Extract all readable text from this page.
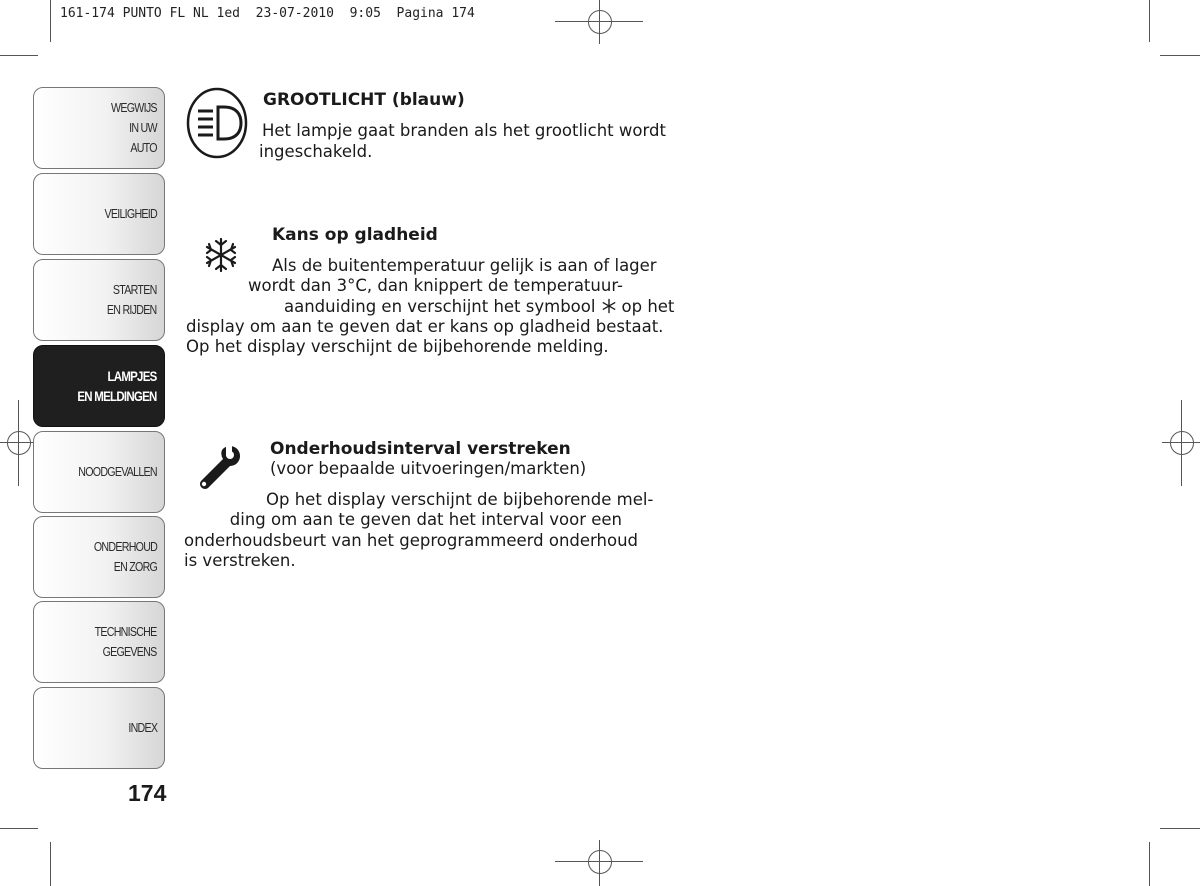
161-174 PUNTO FL NL 1ed  23-07-2010  9:05  Pagina 174
WEGWIJS
IN UW
AUTO
VEILIGHEID
STARTEN
EN RIJDEN
LAMPJES
EN MELDINGEN
NOODGEVALLEN
ONDERHOUD
EN ZORG
TECHNISCHE
GEGEVENS
INDEX
174
GROOTLICHT (blauw)
Het lampje gaat branden als het grootlicht wordt
ingeschakeld.
Kans op gladheid
Als de buitentemperatuur gelijk is aan of lager
wordt dan 3°C, dan knippert de temperatuur-
aanduiding en verschijnt het symbool op het
display om aan te geven dat er kans op gladheid bestaat.
Op het display verschijnt de bijbehorende melding.
Onderhoudsinterval verstreken
(voor bepaalde uitvoeringen/markten)
Op het display verschijnt de bijbehorende mel-
ding om aan te geven dat het interval voor een
onderhoudsbeurt van het geprogrammeerd onderhoud
is verstreken.
